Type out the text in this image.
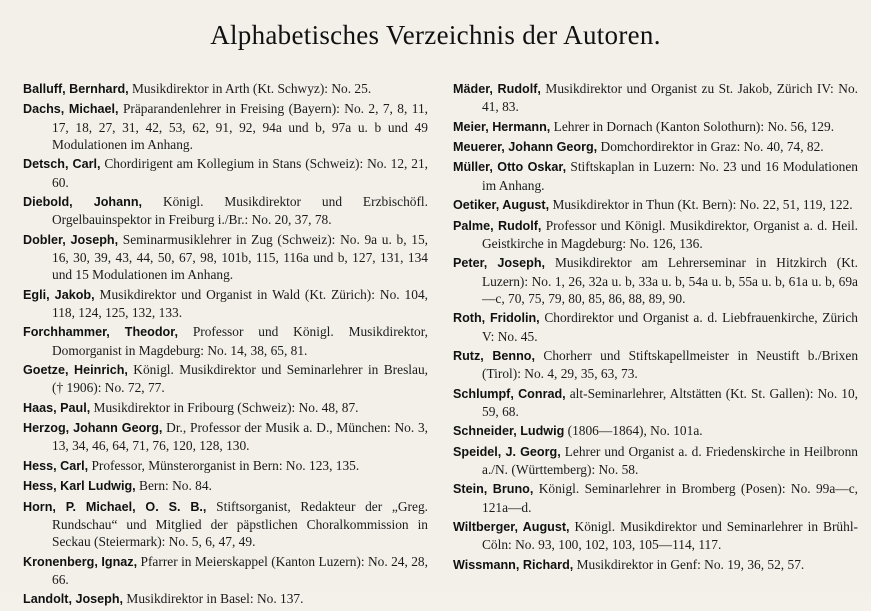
Alphabetisches Verzeichnis der Autoren.

Balluff, Bernhard, Musikdirektor in Arth (Kt. Schwyz): No. 25.

Dachs, Michael, Präparandenlehrer in Freising (Bayern): No. 2, 7, 8, 11, 17, 18, 27, 31, 42, 53, 62, 91, 92, 94a und b, 97a u. b und 49 Modulationen im Anhang.

Detsch, Carl, Chordirigent am Kollegium in Stans (Schweiz): No. 12, 21, 60.

Diebold, Johann, Königl. Musikdirektor und Erzbischöfl. Orgelbauinspektor in Freiburg i./Br.: No. 20, 37, 78.

Dobler, Joseph, Seminarmusiklehrer in Zug (Schweiz): No. 9a u. b, 15, 16, 30, 39, 43, 44, 50, 67, 98, 101b, 115, 116a und b, 127, 131, 134 und 15 Modulationen im Anhang.

Egli, Jakob, Musikdirektor und Organist in Wald (Kt. Zürich): No. 104, 118, 124, 125, 132, 133.

Forchhammer, Theodor, Professor und Königl. Musikdirektor, Domorganist in Magdeburg: No. 14, 38, 65, 81.

Goetze, Heinrich, Königl. Musikdirektor und Seminarlehrer in Breslau, († 1906): No. 72, 77.

Haas, Paul, Musikdirektor in Fribourg (Schweiz): No. 48, 87.

Herzog, Johann Georg, Dr., Professor der Musik a. D., München: No. 3, 13, 34, 46, 64, 71, 76, 120, 128, 130.

Hess, Carl, Professor, Münsterorganist in Bern: No. 123, 135.

Hess, Karl Ludwig, Bern: No. 84.

Horn, P. Michael, O. S. B., Stiftsorganist, Redakteur der „Greg. Rundschau“ und Mitglied der päpstlichen Choralkommission in Seckau (Steiermark): No. 5, 6, 47, 49.

Kronenberg, Ignaz, Pfarrer in Meierskappel (Kanton Luzern): No. 24, 28, 66.

Landolt, Joseph, Musikdirektor in Basel: No. 137.

Mäder, Rudolf, Musikdirektor und Organist zu St. Jakob, Zürich IV: No. 41, 83.

Meier, Hermann, Lehrer in Dornach (Kanton Solothurn): No. 56, 129.

Meuerer, Johann Georg, Domchordirektor in Graz: No. 40, 74, 82.

Müller, Otto Oskar, Stiftskaplan in Luzern: No. 23 und 16 Modulationen im Anhang.

Oetiker, August, Musikdirektor in Thun (Kt. Bern): No. 22, 51, 119, 122.

Palme, Rudolf, Professor und Königl. Musikdirektor, Organist a. d. Heil. Geistkirche in Magdeburg: No. 126, 136.

Peter, Joseph, Musikdirektor am Lehrerseminar in Hitzkirch (Kt. Luzern): No. 1, 26, 32a u. b, 33a u. b, 54a u. b, 55a u. b, 61a u. b, 69a—c, 70, 75, 79, 80, 85, 86, 88, 89, 90.

Roth, Fridolin, Chordirektor und Organist a. d. Liebfrauenkirche, Zürich V: No. 45.

Rutz, Benno, Chorherr und Stiftskapellmeister in Neustift b./Brixen (Tirol): No. 4, 29, 35, 63, 73.

Schlumpf, Conrad, alt-Seminarlehrer, Altstätten (Kt. St. Gallen): No. 10, 59, 68.

Schneider, Ludwig (1806—1864), No. 101a.

Speidel, J. Georg, Lehrer und Organist a. d. Friedenskirche in Heilbronn a./N. (Württemberg): No. 58.

Stein, Bruno, Königl. Seminarlehrer in Bromberg (Posen): No. 99a—c, 121a—d.

Wiltberger, August, Königl. Musikdirektor und Seminarlehrer in Brühl-Cöln: No. 93, 100, 102, 103, 105—114, 117.

Wissmann, Richard, Musikdirektor in Genf: No. 19, 36, 52, 57.
